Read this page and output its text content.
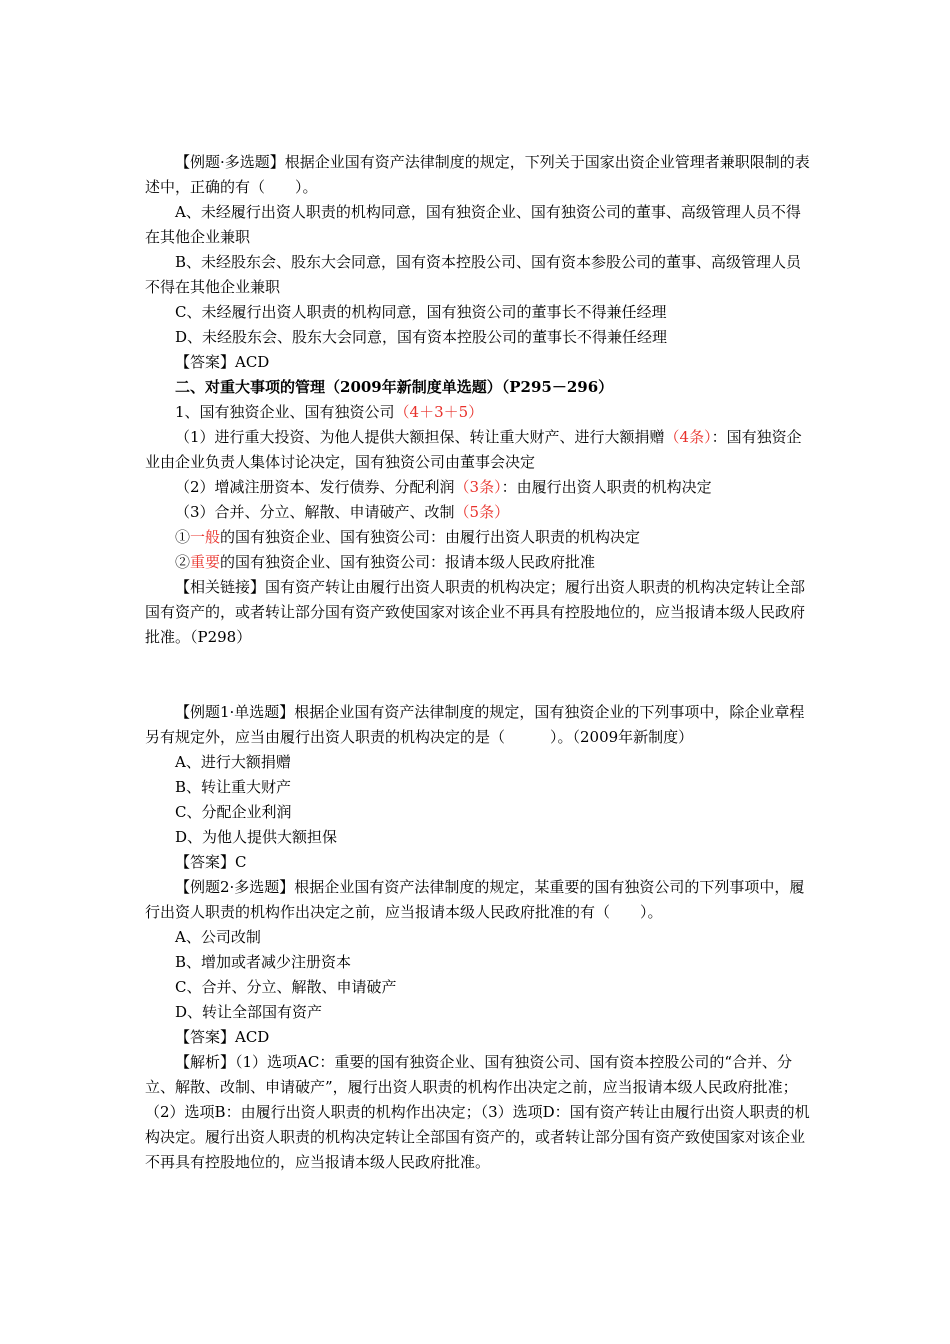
【例题·多选题】根据企业国有资产法律制度的规定，下列关于国家出资企业管理者兼职限制的表述中，正确的有（　　）。

A、未经履行出资人职责的机构同意，国有独资企业、国有独资公司的董事、高级管理人员不得在其他企业兼职

B、未经股东会、股东大会同意，国有资本控股公司、国有资本参股公司的董事、高级管理人员不得在其他企业兼职

C、未经履行出资人职责的机构同意，国有独资公司的董事长不得兼任经理

D、未经股东会、股东大会同意，国有资本控股公司的董事长不得兼任经理

【答案】ACD

二、对重大事项的管理（2009年新制度单选题）（P295－296）

1、国有独资企业、国有独资公司（4＋3＋5）

（1）进行重大投资、为他人提供大额担保、转让重大财产、进行大额捐赠（4条）：国有独资企业由企业负责人集体讨论决定，国有独资公司由董事会决定

（2）增减注册资本、发行债券、分配利润（3条）：由履行出资人职责的机构决定

（3）合并、分立、解散、申请破产、改制（5条）

①一般的国有独资企业、国有独资公司：由履行出资人职责的机构决定

②重要的国有独资企业、国有独资公司：报请本级人民政府批准

【相关链接】国有资产转让由履行出资人职责的机构决定；履行出资人职责的机构决定转让全部国有资产的，或者转让部分国有资产致使国家对该企业不再具有控股地位的，应当报请本级人民政府批准。（P298）

【例题1·单选题】根据企业国有资产法律制度的规定，国有独资企业的下列事项中，除企业章程另有规定外，应当由履行出资人职责的机构决定的是（　　　）。（2009年新制度）

A、进行大额捐赠

B、转让重大财产

C、分配企业利润

D、为他人提供大额担保

【答案】C

【例题2·多选题】根据企业国有资产法律制度的规定，某重要的国有独资公司的下列事项中，履行出资人职责的机构作出决定之前，应当报请本级人民政府批准的有（　　）。

A、公司改制

B、增加或者减少注册资本

C、合并、分立、解散、申请破产

D、转让全部国有资产

【答案】ACD

【解析】（1）选项AC：重要的国有独资企业、国有独资公司、国有资本控股公司的“合并、分立、解散、改制、申请破产”，履行出资人职责的机构作出决定之前，应当报请本级人民政府批准；（2）选项B：由履行出资人职责的机构作出决定；（3）选项D：国有资产转让由履行出资人职责的机构决定。履行出资人职责的机构决定转让全部国有资产的，或者转让部分国有资产致使国家对该企业不再具有控股地位的，应当报请本级人民政府批准。
